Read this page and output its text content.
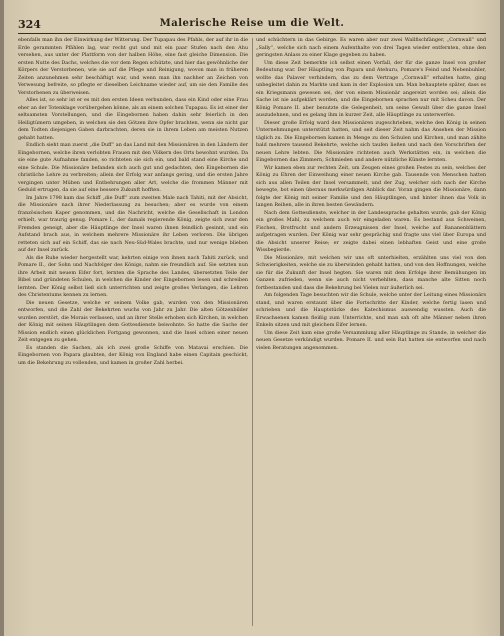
324	Malerische Reise um die Welt.

ebenfalls man ihn der Einwirkung der Witterung. Der Tupapau des Pfahls, der auf ihr in die Erde gerammten Pfählen lag, war recht gut und mit ein paar Stufen nach den Ahu versehen, aus unter der Plattform von der halben Höhe, eine fast gleiche Dimension. Die ersten Nutte des Dachs, welches die vor dem Regen schützte, und hier das gewöhnliche der Körpers der Verstorbenen, wie sie auf die Pflege und Reinigung, wovon man in früheren Zeiten anzunehmen sehr beschäftigt war, und wenn man ihn nachher an Zeichen von Verwesung befreite, so pflegte er dieselben Leichname wieder auf, um sie den Familie des Verstorbenen zu überweisen.

Alles ist, so sehr ist er es mit den ersten Ideen verbunden, dass ein Kind oder eine Frau eher an der Totenklage vorübergehen könne, als an einem solchen Tupapau. Es ist einer der seltsamsten Vorstellungen, und die Eingebornen haben dahin sehr feierlich in den Heiligtümern umgeben, in welchen sie den Götzen ihre Opfer brachten, wenn sie nicht gar dem Todten diejenigen Gaben darbrachten, deren sie in ihrem Leben am meisten Nutzen gehabt hatten.

Endlich sieht man zuerst „die Duff“ an das Land mit den Missionären in den Ländern der Eingebornen, welche ihren verlobten Frauen mit den Völkern des Orts bewohnt wurden. Da sie eine gute Aufnahme fanden, so richteten sie sich ein, und bald stand eine Kirche und eine Schule. Die Missionäre befanden sich auch gut und gedachten, den Eingebornen die christliche Lehre zu verbreiten; allein der Erfolg war anfangs gering, und die ersten Jahre vergingen unter Mühen und Entbehrungen aller Art, welche die frommen Männer mit Geduld ertrugen, da sie auf eine bessere Zukunft hofften.

Im Jahre 1798 kam das Schiff „die Duff“ zum zweiten Male nach Tahiti, mit der Absicht, die Missionäre nach ihrer Niederlassung zu besuchen; aber es wurde von einem französischen Kaper genommen, und die Nachricht, welche die Gesellschaft in London erhielt, war traurig genug. Pomare I., der damals regierende König, zeigte sich zwar den Fremden geneigt, aber die Häuptlinge der Insel waren ihnen feindlich gesinnt, und ein Aufstand brach aus, in welchem mehrere Missionäre ihr Leben verloren. Die übrigen retteten sich auf ein Schiff, das sie nach Neu-Süd-Wales brachte, und nur wenige blieben auf der Insel zurück.

Als die Ruhe wieder hergestellt war, kehrten einige von ihnen nach Tahiti zurück, und Pomare II., der Sohn und Nachfolger des Königs, nahm sie freundlich auf. Sie setzten nun ihre Arbeit mit neuem Eifer fort, lernten die Sprache des Landes, übersetzten Teile der Bibel und gründeten Schulen, in welchen die Kinder der Eingebornen lesen und schreiben lernten. Der König selbst ließ sich unterrichten und zeigte großes Verlangen, die Lehren des Christentums kennen zu lernen.

Die neuen Gesetze, welche er seinem Volke gab, wurden von den Missionären entworfen, und die Zahl der Bekehrten wuchs von Jahr zu Jahr. Die alten Götzenbilder wurden zerstört, die Morais verlassen, und an ihrer Stelle erhoben sich Kirchen, in welchen der König mit seinen Häuptlingen dem Gottesdienste beiwohnte. So hatte die Sache der Mission endlich einen glücklichen Fortgang gewonnen, und die Insel schien einer neuen Zeit entgegen zu gehen.

Es standen die Sachen, als ich zwei große Schiffe von Matavai erschien. Die Eingebornen von Papara glaubten, der König von England habe einen Capitain geschickt, um die Bekehrung zu vollenden, und kamen in großer Zahl herbei.

und schüchtern in das Gebirge. Es waren aber nur zwei Wallfischfänger, „Cornwall“ und „Sally“, welche sich nach einem Aufenthalte von drei Tagen wieder entfernten, ohne den geringsten Anlass zu einer Klage gegeben zu haben.

Um diese Zeit bemerkte ich selbst einen Vorfall, der für die ganze Insel von großer Bedeutung war. Der Häuptling von Papara und Atehuru, Pomare's Feind und Nebenbuhler, wollte das Palaver verhindern, das zu dem Vertrage „Cornwall“ erhalten hatte, ging unbegleitet dahin zu Markte und kam in der Explosion um. Man behauptete später, dass es ein Kriegsmann gewesen sei, der von einem Missionär angereizt worden sei; allein die Sache ist nie aufgeklärt worden, und die Eingebornen sprachen nur mit Scheu davon. Der König Pomare II. aber benutzte die Gelegenheit, um seine Gewalt über die ganze Insel auszudehnen, und es gelang ihm in kurzer Zeit, alle Häuptlinge zu unterwerfen.

Dieser große Erfolg ward den Missionären zugeschrieben, welche den König in seinen Unternehmungen unterstützt hatten, und seit dieser Zeit nahm das Ansehen der Mission täglich zu. Die Eingebornen kamen in Menge zu den Schulen und Kirchen, und man zählte bald mehrere tausend Bekehrte, welche sich taufen ließen und nach den Vorschriften der neuen Lehre lebten. Die Missionäre richteten auch Werkstätten ein, in welchen die Eingebornen das Zimmern, Schmieden und andere nützliche Künste lernten.

Wir kamen eben zur rechten Zeit, um Zeugen eines großen Festes zu sein, welches der König zu Ehren der Einweihung einer neuen Kirche gab. Tausende von Menschen hatten sich aus allen Teilen der Insel versammelt, und der Zug, welcher sich nach der Kirche bewegte, bot einen überaus merkwürdigen Anblick dar. Voran gingen die Missionäre, dann folgte der König mit seiner Familie und den Häuptlingen, und hinter ihnen das Volk in langen Reihen, alle in ihren besten Gewändern.

Nach dem Gottesdienste, welcher in der Landessprache gehalten wurde, gab der König ein großes Mahl, zu welchem auch wir eingeladen waren. Es bestand aus Schweinen, Fischen, Brotfrucht und andern Erzeugnissen der Insel, welche auf Bananenblättern aufgetragen wurden. Der König war sehr gesprächig und fragte uns viel über Europa und die Absicht unserer Reise; er zeigte dabei einen lebhaften Geist und eine große Wissbegierde.

Die Missionäre, mit welchen wir uns oft unterhielten, erzählten uns viel von den Schwierigkeiten, welche sie zu überwinden gehabt hatten, und von den Hoffnungen, welche sie für die Zukunft der Insel hegten. Sie waren mit dem Erfolge ihrer Bemühungen im Ganzen zufrieden, wenn sie auch nicht verhehlten, dass manche alte Sitten noch fortbestanden und dass die Bekehrung bei Vielen nur äußerlich sei.

Am folgenden Tage besuchten wir die Schule, welche unter der Leitung eines Missionärs stand, und waren erstaunt über die Fortschritte der Kinder, welche fertig lasen und schrieben und die Hauptstücke des Katechismus auswendig wussten. Auch die Erwachsenen kamen fleißig zum Unterrichte, und man sah oft alte Männer neben ihren Enkeln sitzen und mit gleichem Eifer lernen.

Um diese Zeit kam eine große Versammlung aller Häuptlinge zu Stande, in welcher die neuen Gesetze verkündigt wurden. Pomare II. und sein Rat hatten sie entworfen und nach vielen Beratungen angenommen.
